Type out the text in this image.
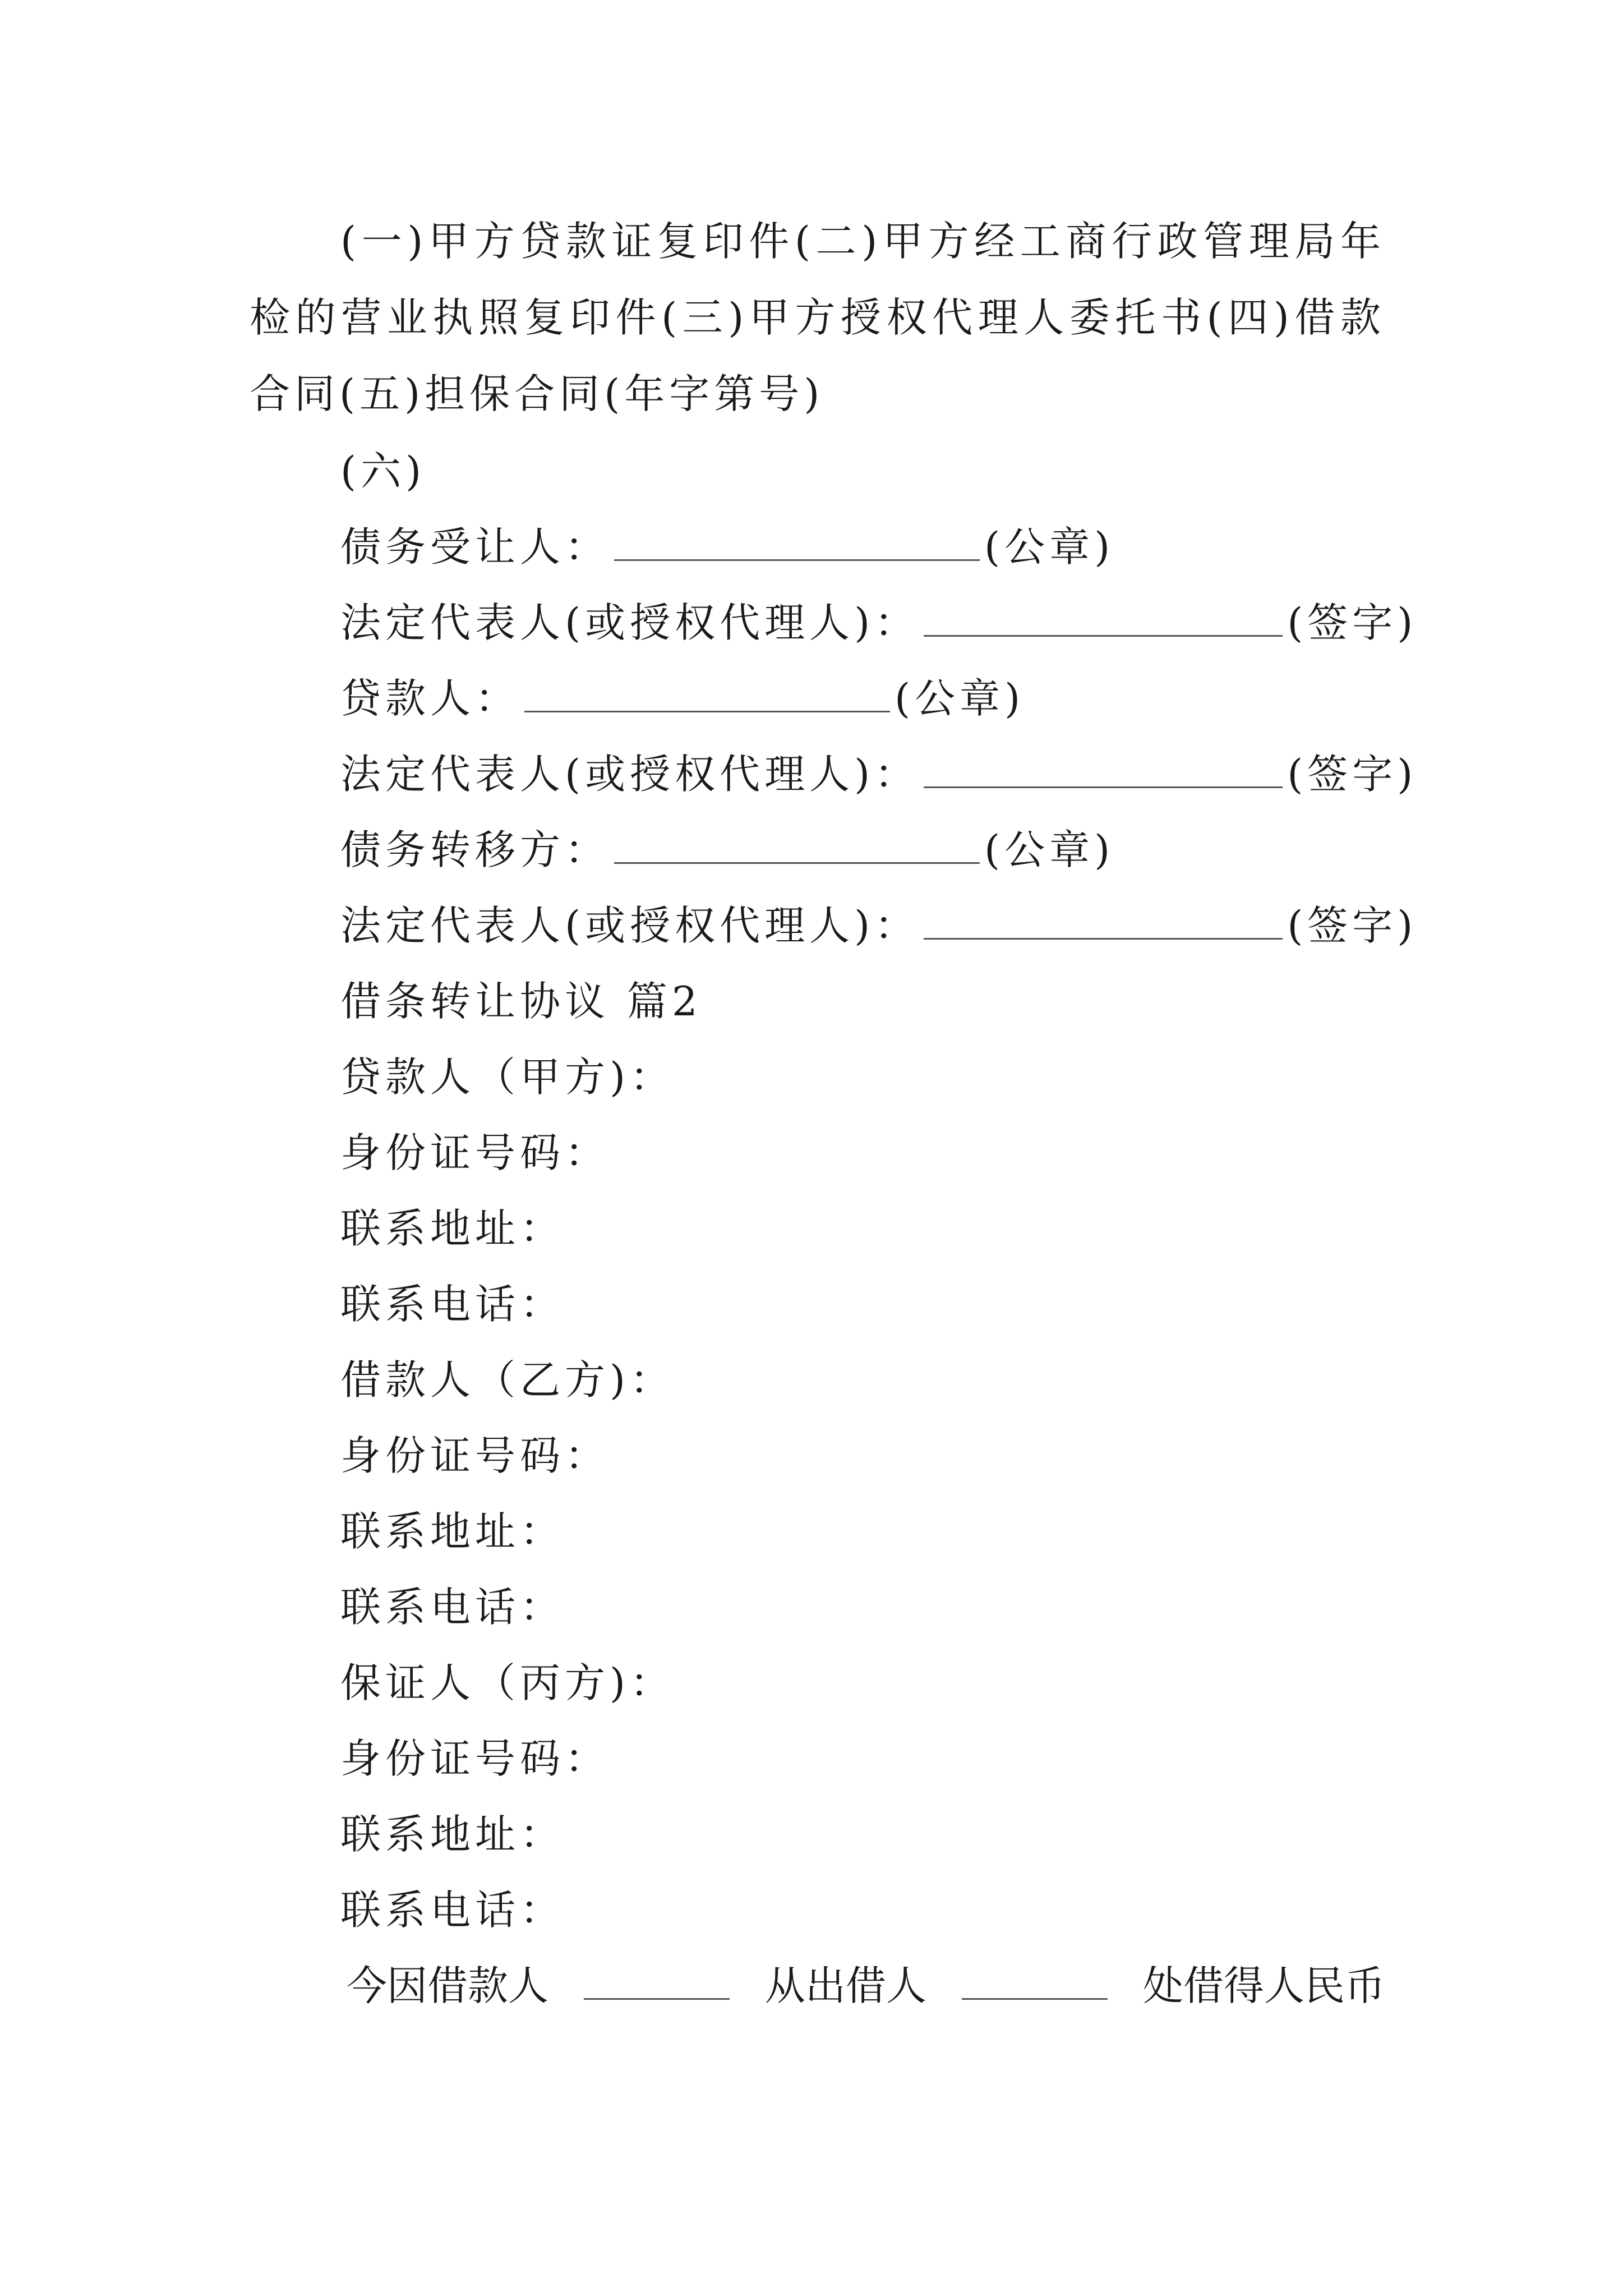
(一)甲方贷款证复印件(二)甲方经工商行政管理局年检的营业执照复印件(三)甲方授权代理人委托书(四)借款合同(五)担保合同(年字第号)

(六)

债务受让人：	(公章)

法定代表人(或授权代理人)：	(签字)

贷款人：	(公章)

法定代表人(或授权代理人)：	(签字)

债务转移方：	(公章)

法定代表人(或授权代理人)：	(签字)

借条转让协议 篇2

贷款人（甲方)：

身份证号码：

联系地址：

联系电话：

借款人（乙方)：

身份证号码：

联系地址：

联系电话：

保证人（丙方)：

身份证号码：

联系地址：

联系电话：

今因借款人	从出借人	处借得人民币
